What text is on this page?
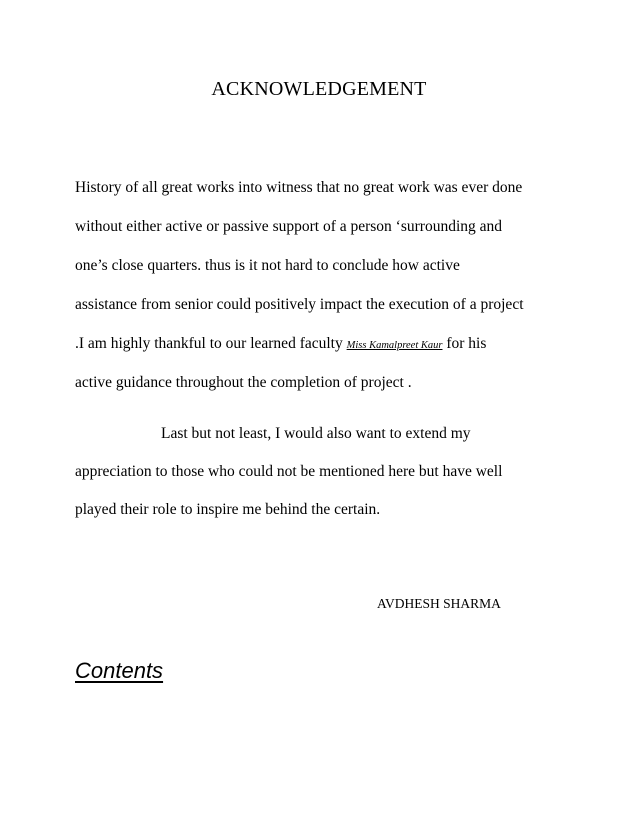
ACKNOWLEDGEMENT
History of all great works into witness that no great work was ever done
without either active or passive support of a person ‘surrounding and
one’s close quarters. thus is it not hard to conclude how active
assistance from senior could positively impact the execution of a project
.I am highly thankful to our learned faculty Miss Kamalpreet Kaur for his
active guidance throughout the completion of project .
Last but not least, I would also want to extend my
appreciation to those who could not be mentioned here but have well
played their role to inspire me behind the certain.
AVDHESH SHARMA
Contents
